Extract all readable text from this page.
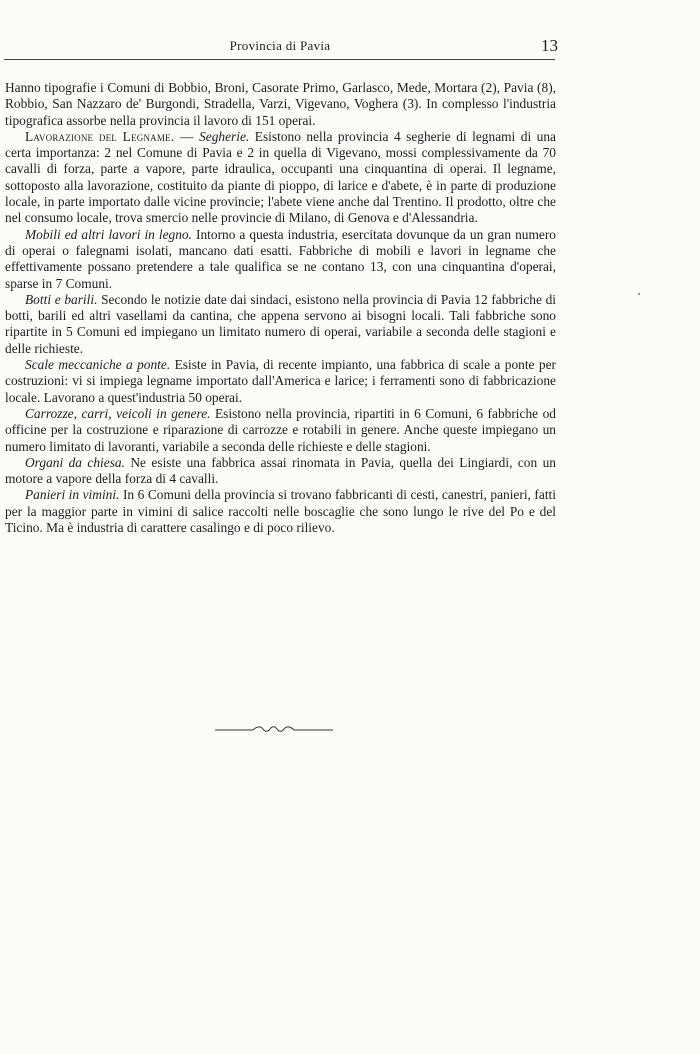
Provincia di Pavia	13

Hanno tipografie i Comuni di Bobbio, Broni, Casorate Primo, Garlasco, Mede, Mortara (2), Pavia (8), Robbio, San Nazzaro de' Burgondi, Stradella, Varzi, Vigevano, Voghera (3). In complesso l'industria tipografica assorbe nella provincia il lavoro di 151 operai.

Lavorazione del Legname. — Segherie. Esistono nella provincia 4 segherie di legnami di una certa importanza: 2 nel Comune di Pavia e 2 in quella di Vigevano, mossi complessivamente da 70 cavalli di forza, parte a vapore, parte idraulica, occupanti una cinquantina di operai. Il legname, sottoposto alla lavorazione, costituito da piante di pioppo, di larice e d'abete, è in parte di produzione locale, in parte importato dalle vicine provincie; l'abete viene anche dal Trentino. Il prodotto, oltre che nel consumo locale, trova smercio nelle provincie di Milano, di Genova e d'Alessandria.

Mobili ed altri lavori in legno. Intorno a questa industria, esercitata dovunque da un gran numero di operai o falegnami isolati, mancano dati esatti. Fabbriche di mobili e lavori in legname che effettivamente possano pretendere a tale qualifica se ne contano 13, con una cinquantina d'operai, sparse in 7 Comuni.

Botti e barili. Secondo le notizie date dai sindaci, esistono nella provincia di Pavia 12 fabbriche di botti, barili ed altri vasellami da cantina, che appena servono ai bisogni locali. Tali fabbriche sono ripartite in 5 Comuni ed impiegano un limitato numero di operai, variabile a seconda delle stagioni e delle richieste.

Scale meccaniche a ponte. Esiste in Pavia, di recente impianto, una fabbrica di scale a ponte per costruzioni: vi si impiega legname importato dall'America e larice; i ferramenti sono di fabbricazione locale. Lavorano a quest'industria 50 operai.

Carrozze, carri, veicoli in genere. Esistono nella provincia, ripartiti in 6 Comuni, 6 fabbriche od officine per la costruzione e riparazione di carrozze e rotabili in genere. Anche queste impiegano un numero limitato di lavoranti, variabile a seconda delle richieste e delle stagioni.

Organi da chiesa. Ne esiste una fabbrica assai rinomata in Pavia, quella dei Lingiardi, con un motore a vapore della forza di 4 cavalli.

Panieri in vimini. In 6 Comuni della provincia si trovano fabbricanti di cesti, canestri, panieri, fatti per la maggior parte in vimini di salice raccolti nelle boscaglie che sono lungo le rive del Po e del Ticino. Ma è industria di carattere casalingo e di poco rilievo.
